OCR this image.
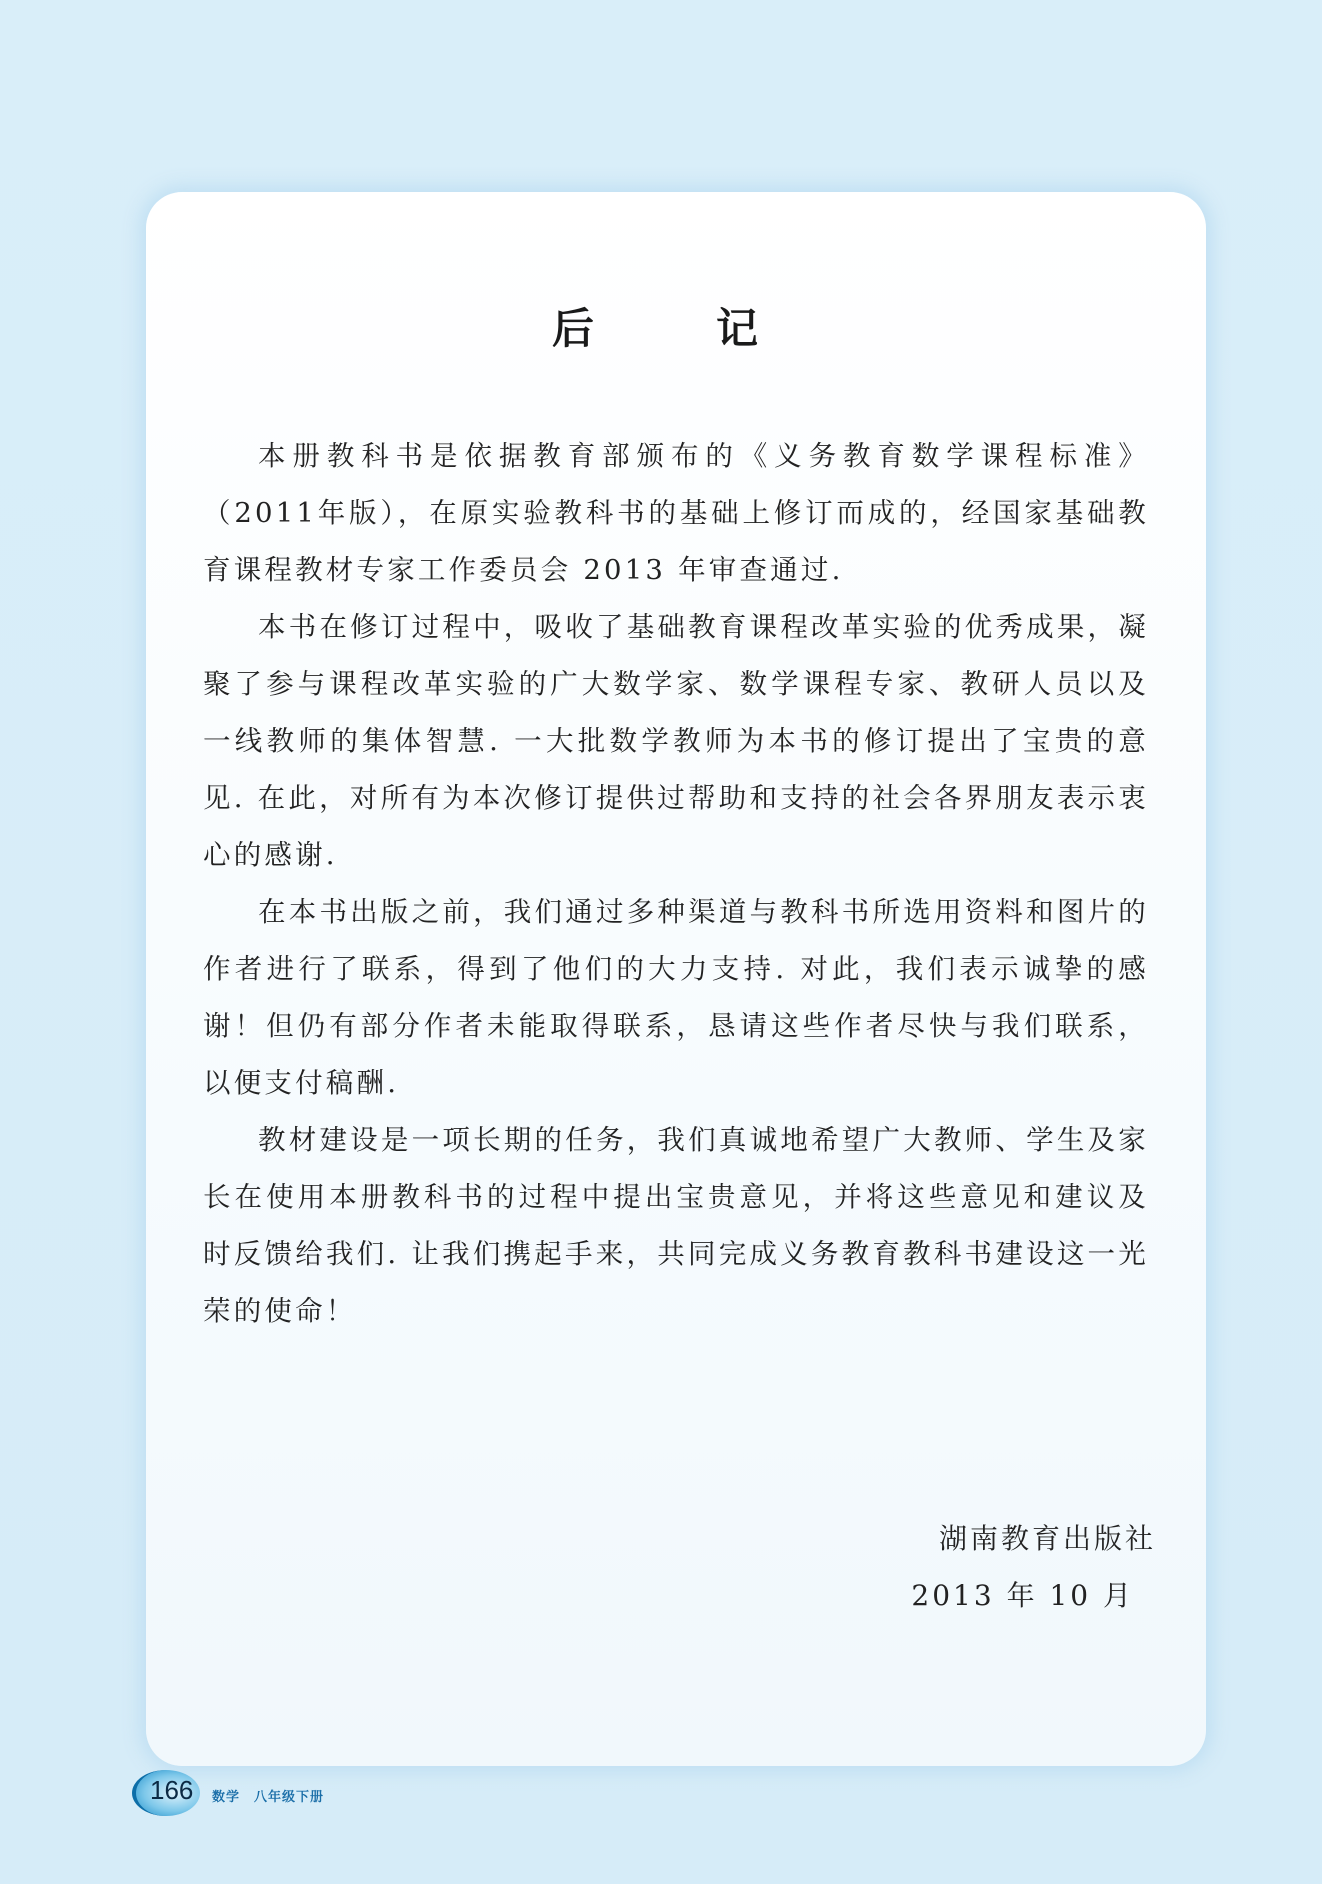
后　记

本册教科书是依据教育部颁布的《义务教育数学课程标准》（2011年版），在原实验教科书的基础上修订而成的，经国家基础教育课程教材专家工作委员会 2013 年审查通过.

本书在修订过程中，吸收了基础教育课程改革实验的优秀成果，凝聚了参与课程改革实验的广大数学家、数学课程专家、教研人员以及一线教师的集体智慧. 一大批数学教师为本书的修订提出了宝贵的意见. 在此，对所有为本次修订提供过帮助和支持的社会各界朋友表示衷心的感谢.

在本书出版之前，我们通过多种渠道与教科书所选用资料和图片的作者进行了联系，得到了他们的大力支持. 对此，我们表示诚挚的感谢！但仍有部分作者未能取得联系，恳请这些作者尽快与我们联系，以便支付稿酬.

教材建设是一项长期的任务，我们真诚地希望广大教师、学生及家长在使用本册教科书的过程中提出宝贵意见，并将这些意见和建议及时反馈给我们. 让我们携起手来，共同完成义务教育教科书建设这一光荣的使命！

湖南教育出版社
2013 年 10 月
166 数学　八年级下册
